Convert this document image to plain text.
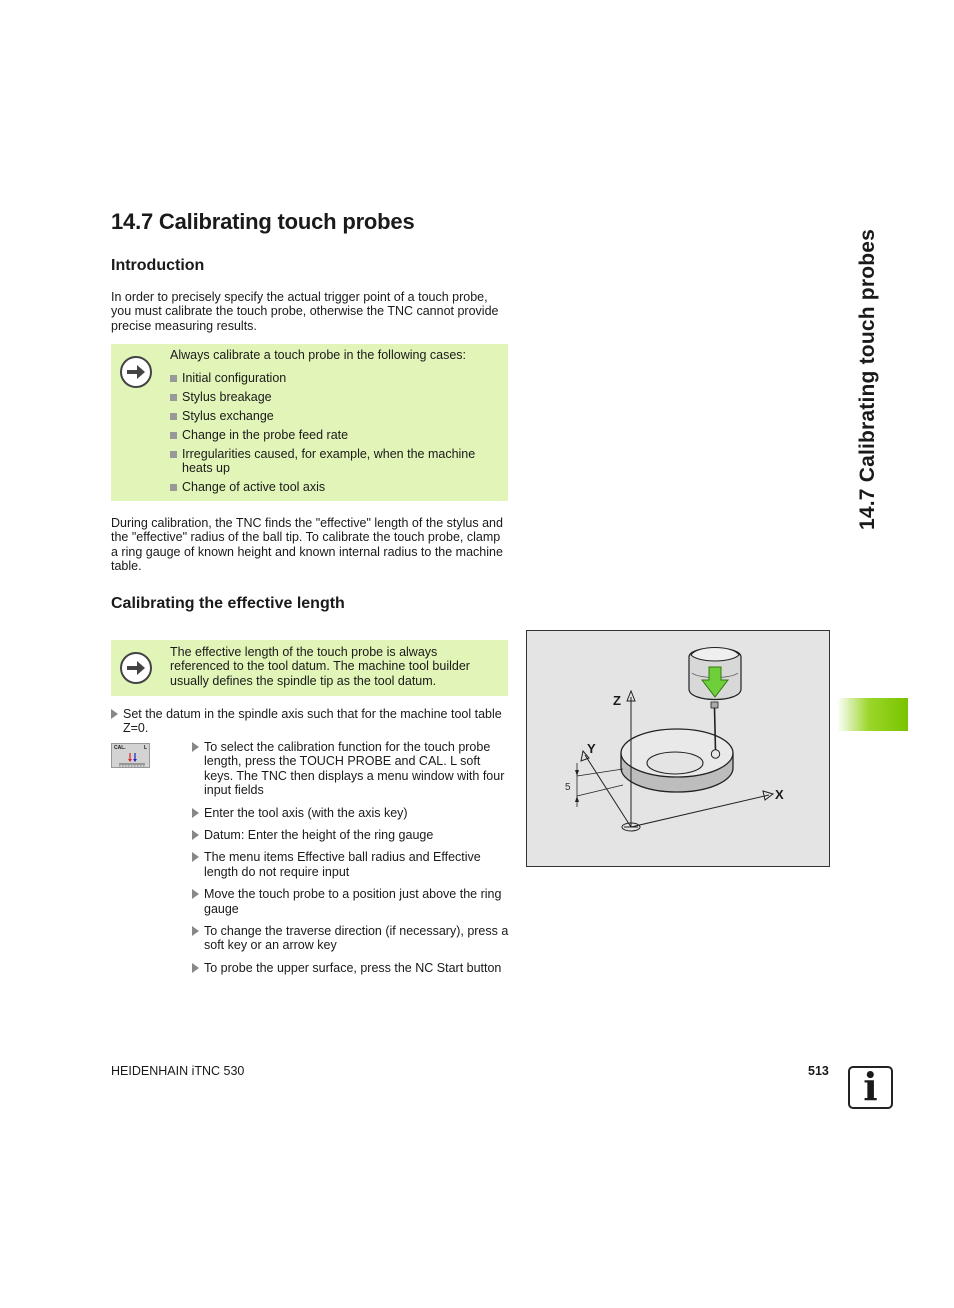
14.7 Calibrating touch probes
Introduction
In order to precisely specify the actual trigger point of a touch probe, you must calibrate the touch probe, otherwise the TNC cannot provide precise measuring results.
Always calibrate a touch probe in the following cases:
Initial configuration
Stylus breakage
Stylus exchange
Change in the probe feed rate
Irregularities caused, for example, when the machine heats up
Change of active tool axis
During calibration, the TNC finds the "effective" length of the stylus and the "effective" radius of the ball tip. To calibrate the touch probe, clamp a ring gauge of known height and known internal radius to the machine table.
Calibrating the effective length
The effective length of the touch probe is always referenced to the tool datum. The machine tool builder usually defines the spindle tip as the tool datum.
Set the datum in the spindle axis such that for the machine tool table Z=0.
CAL.	L	To select the calibration function for the touch probe length, press the TOUCH PROBE and CAL. L soft keys. The TNC then displays a menu window with four input fields
Enter the tool axis (with the axis key)
Datum: Enter the height of the ring gauge
The menu items Effective ball radius and Effective length do not require input
Move the touch probe to a position just above the ring gauge
To change the traverse direction (if necessary), press a soft key or an arrow key
To probe the upper surface, press the NC Start button
Z
Y
X
5
14.7 Calibrating touch probes
HEIDENHAIN iTNC 530	513 i
